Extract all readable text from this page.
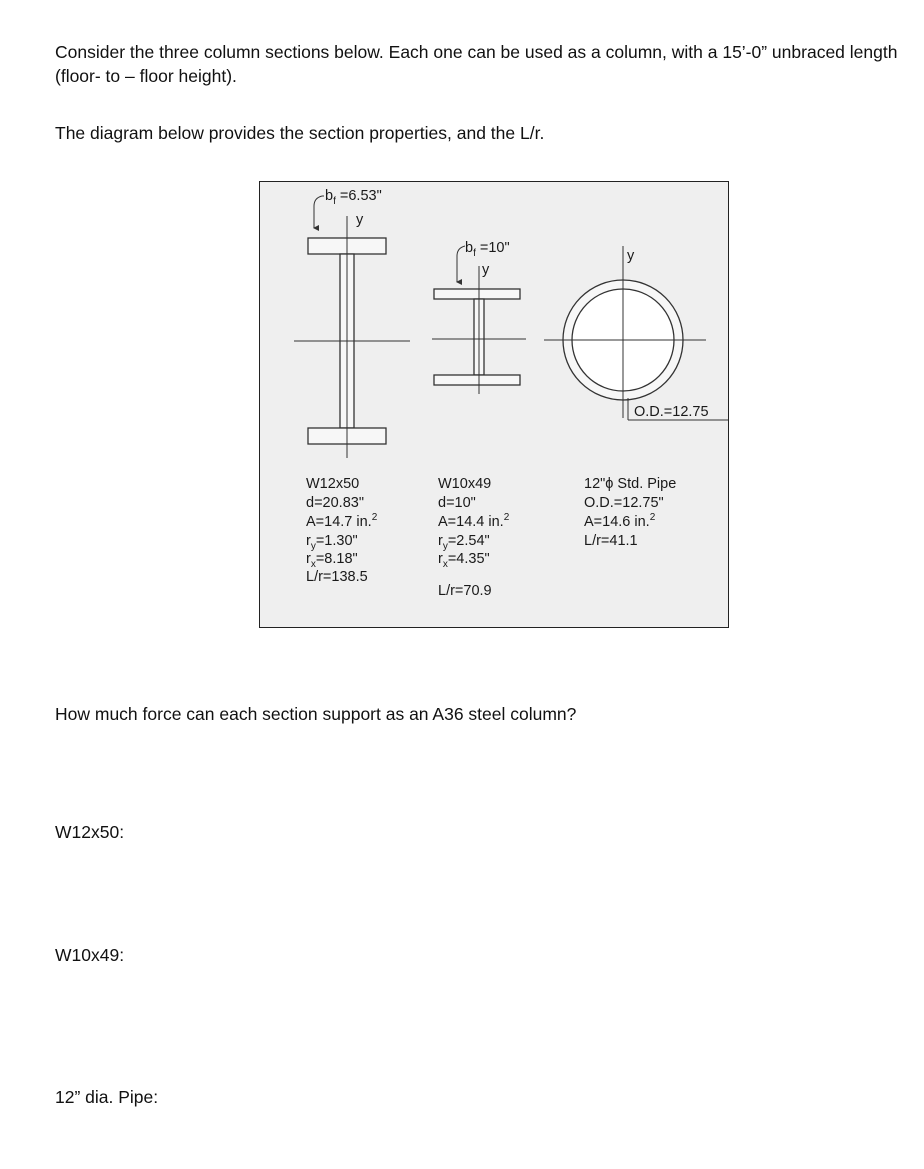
Consider the three column sections below. Each one can be used as a column, with a 15’-0” unbraced length (floor- to – floor height).

The diagram below provides the section properties, and the L/r.

$b_f =6.53$"
y
$b_f =10$"
y
y
O.D.=12.75
W12x50
d=20.83"
A=14.7 in.$^2$
$r_y=1.30$"
$r_x=8.18$"
L/r=138.5
W10x49
d=10"
A=14.4 in.$^2$
$r_y=2.54$"
$r_x=4.35$"
L/r=70.9
12"ϕ Std. Pipe
O.D.=12.75"
A=14.6 in.$^2$
L/r=41.1

How much force can each section support as an A36 steel column?

W12x50:

W10x49:

12” dia. Pipe:
